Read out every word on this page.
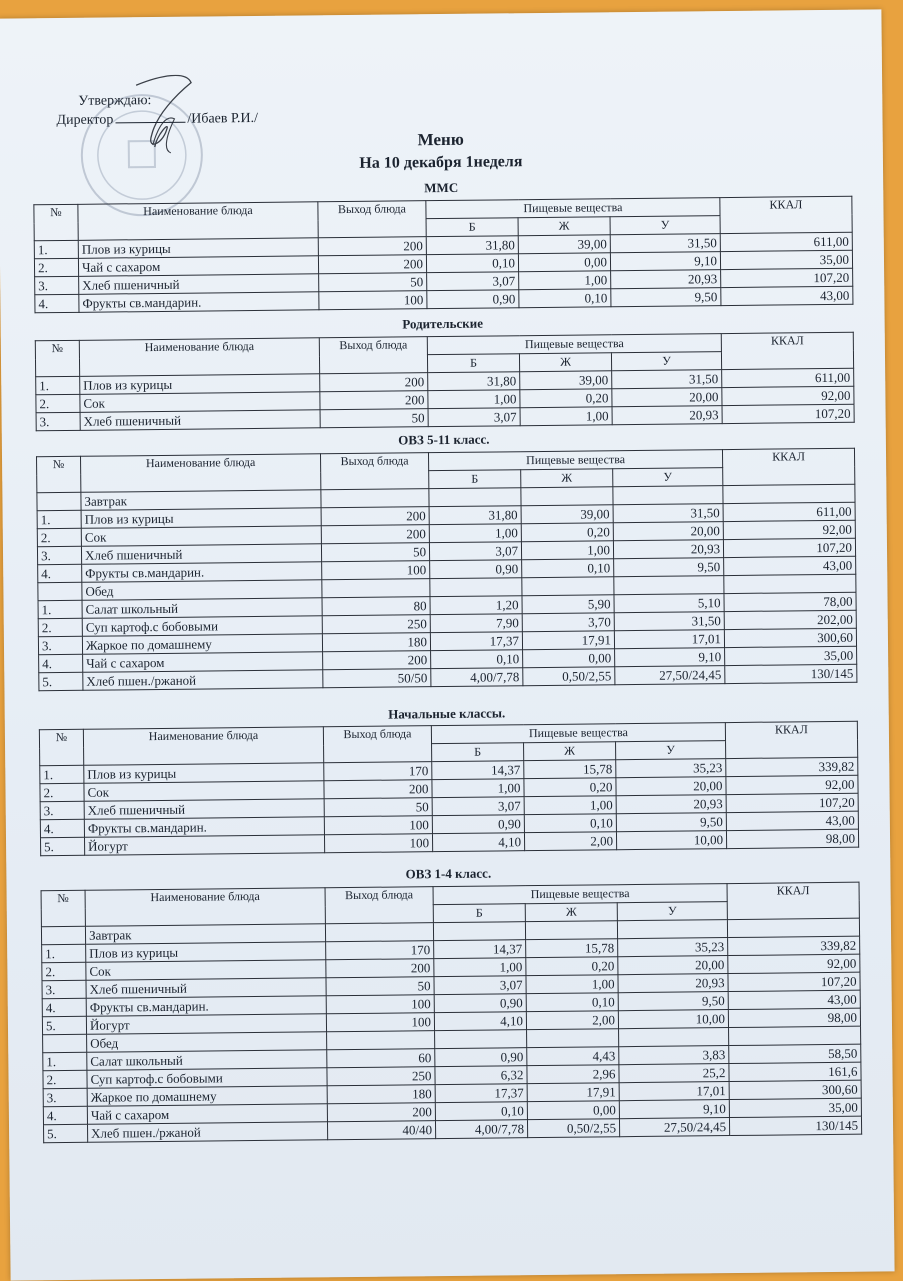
Утверждаю:
Директор	/Ибаев Р.И./
Меню
На 10 декабря 1неделя
ММС
№	Наименование блюда	Выход блюда	Пищевые вещества			ККАЛ
			Б	Ж	У	
1.	Плов из курицы	200	31,80	39,00	31,50	611,00
2.	Чай с сахаром	200	0,10	0,00	9,10	35,00
3.	Хлеб пшеничный	50	3,07	1,00	20,93	107,20
4.	Фрукты св.мандарин.	100	0,90	0,10	9,50	43,00
Родительские
№	Наименование блюда	Выход блюда	Пищевые вещества			ККАЛ
			Б	Ж	У	
1.	Плов из курицы	200	31,80	39,00	31,50	611,00
2.	Сок	200	1,00	0,20	20,00	92,00
3.	Хлеб пшеничный	50	3,07	1,00	20,93	107,20
ОВЗ 5-11 класс.
№	Наименование блюда	Выход блюда	Пищевые вещества			ККАЛ
			Б	Ж	У	
	Завтрак					
1.	Плов из курицы	200	31,80	39,00	31,50	611,00
2.	Сок	200	1,00	0,20	20,00	92,00
3.	Хлеб пшеничный	50	3,07	1,00	20,93	107,20
4.	Фрукты св.мандарин.	100	0,90	0,10	9,50	43,00
	Обед					
1.	Салат школьный	80	1,20	5,90	5,10	78,00
2.	Суп картоф.с бобовыми	250	7,90	3,70	31,50	202,00
3.	Жаркое по домашнему	180	17,37	17,91	17,01	300,60
4.	Чай с сахаром	200	0,10	0,00	9,10	35,00
5.	Хлеб пшен./ржаной	50/50	4,00/7,78	0,50/2,55	27,50/24,45	130/145
Начальные классы.
№	Наименование блюда	Выход блюда	Пищевые вещества			ККАЛ
			Б	Ж	У	
1.	Плов из курицы	170	14,37	15,78	35,23	339,82
2.	Сок	200	1,00	0,20	20,00	92,00
3.	Хлеб пшеничный	50	3,07	1,00	20,93	107,20
4.	Фрукты св.мандарин.	100	0,90	0,10	9,50	43,00
5.	Йогурт	100	4,10	2,00	10,00	98,00
ОВЗ 1-4 класс.
№	Наименование блюда	Выход блюда	Пищевые вещества			ККАЛ
			Б	Ж	У	
	Завтрак					
1.	Плов из курицы	170	14,37	15,78	35,23	339,82
2.	Сок	200	1,00	0,20	20,00	92,00
3.	Хлеб пшеничный	50	3,07	1,00	20,93	107,20
4.	Фрукты св.мандарин.	100	0,90	0,10	9,50	43,00
5.	Йогурт	100	4,10	2,00	10,00	98,00
	Обед					
1.	Салат школьный	60	0,90	4,43	3,83	58,50
2.	Суп картоф.с бобовыми	250	6,32	2,96	25,2	161,6
3.	Жаркое по домашнему	180	17,37	17,91	17,01	300,60
4.	Чай с сахаром	200	0,10	0,00	9,10	35,00
5.	Хлеб пшен./ржаной	40/40	4,00/7,78	0,50/2,55	27,50/24,45	130/145
